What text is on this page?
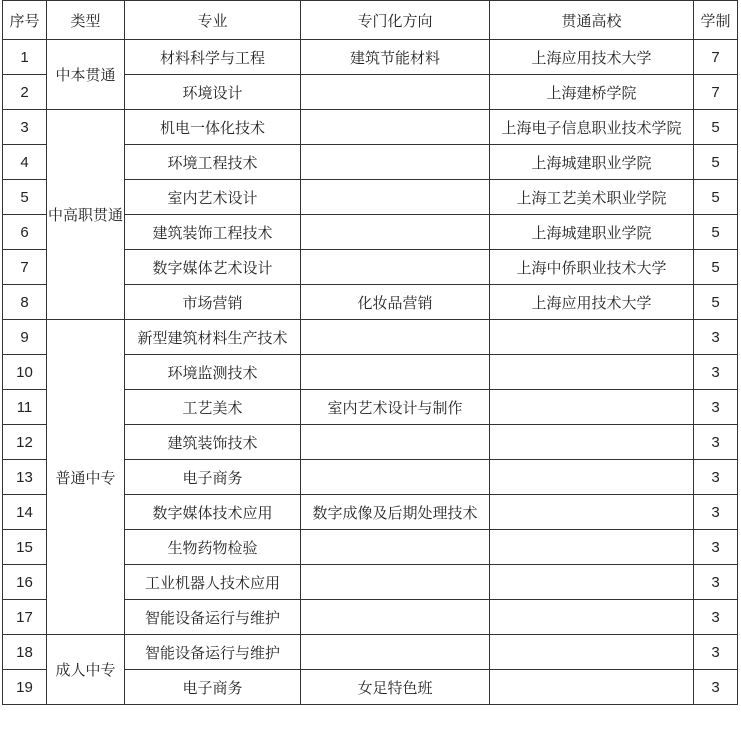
序号	类型	专业	专门化方向	贯通高校	学制
1	中本贯通	材料科学与工程	建筑节能材料	上海应用技术大学	7
2		环境设计		上海建桥学院	7
3	中高职贯通	机电一体化技术		上海电子信息职业技术学院	5
4		环境工程技术		上海城建职业学院	5
5		室内艺术设计		上海工艺美术职业学院	5
6		建筑装饰工程技术		上海城建职业学院	5
7		数字媒体艺术设计		上海中侨职业技术大学	5
8		市场营销	化妆品营销	上海应用技术大学	5
9	普通中专	新型建筑材料生产技术			3
10		环境监测技术			3
11		工艺美术	室内艺术设计与制作		3
12		建筑装饰技术			3
13		电子商务			3
14		数字媒体技术应用	数字成像及后期处理技术		3
15		生物药物检验			3
16		工业机器人技术应用			3
17		智能设备运行与维护			3
18	成人中专	智能设备运行与维护			3
19		电子商务	女足特色班		3
